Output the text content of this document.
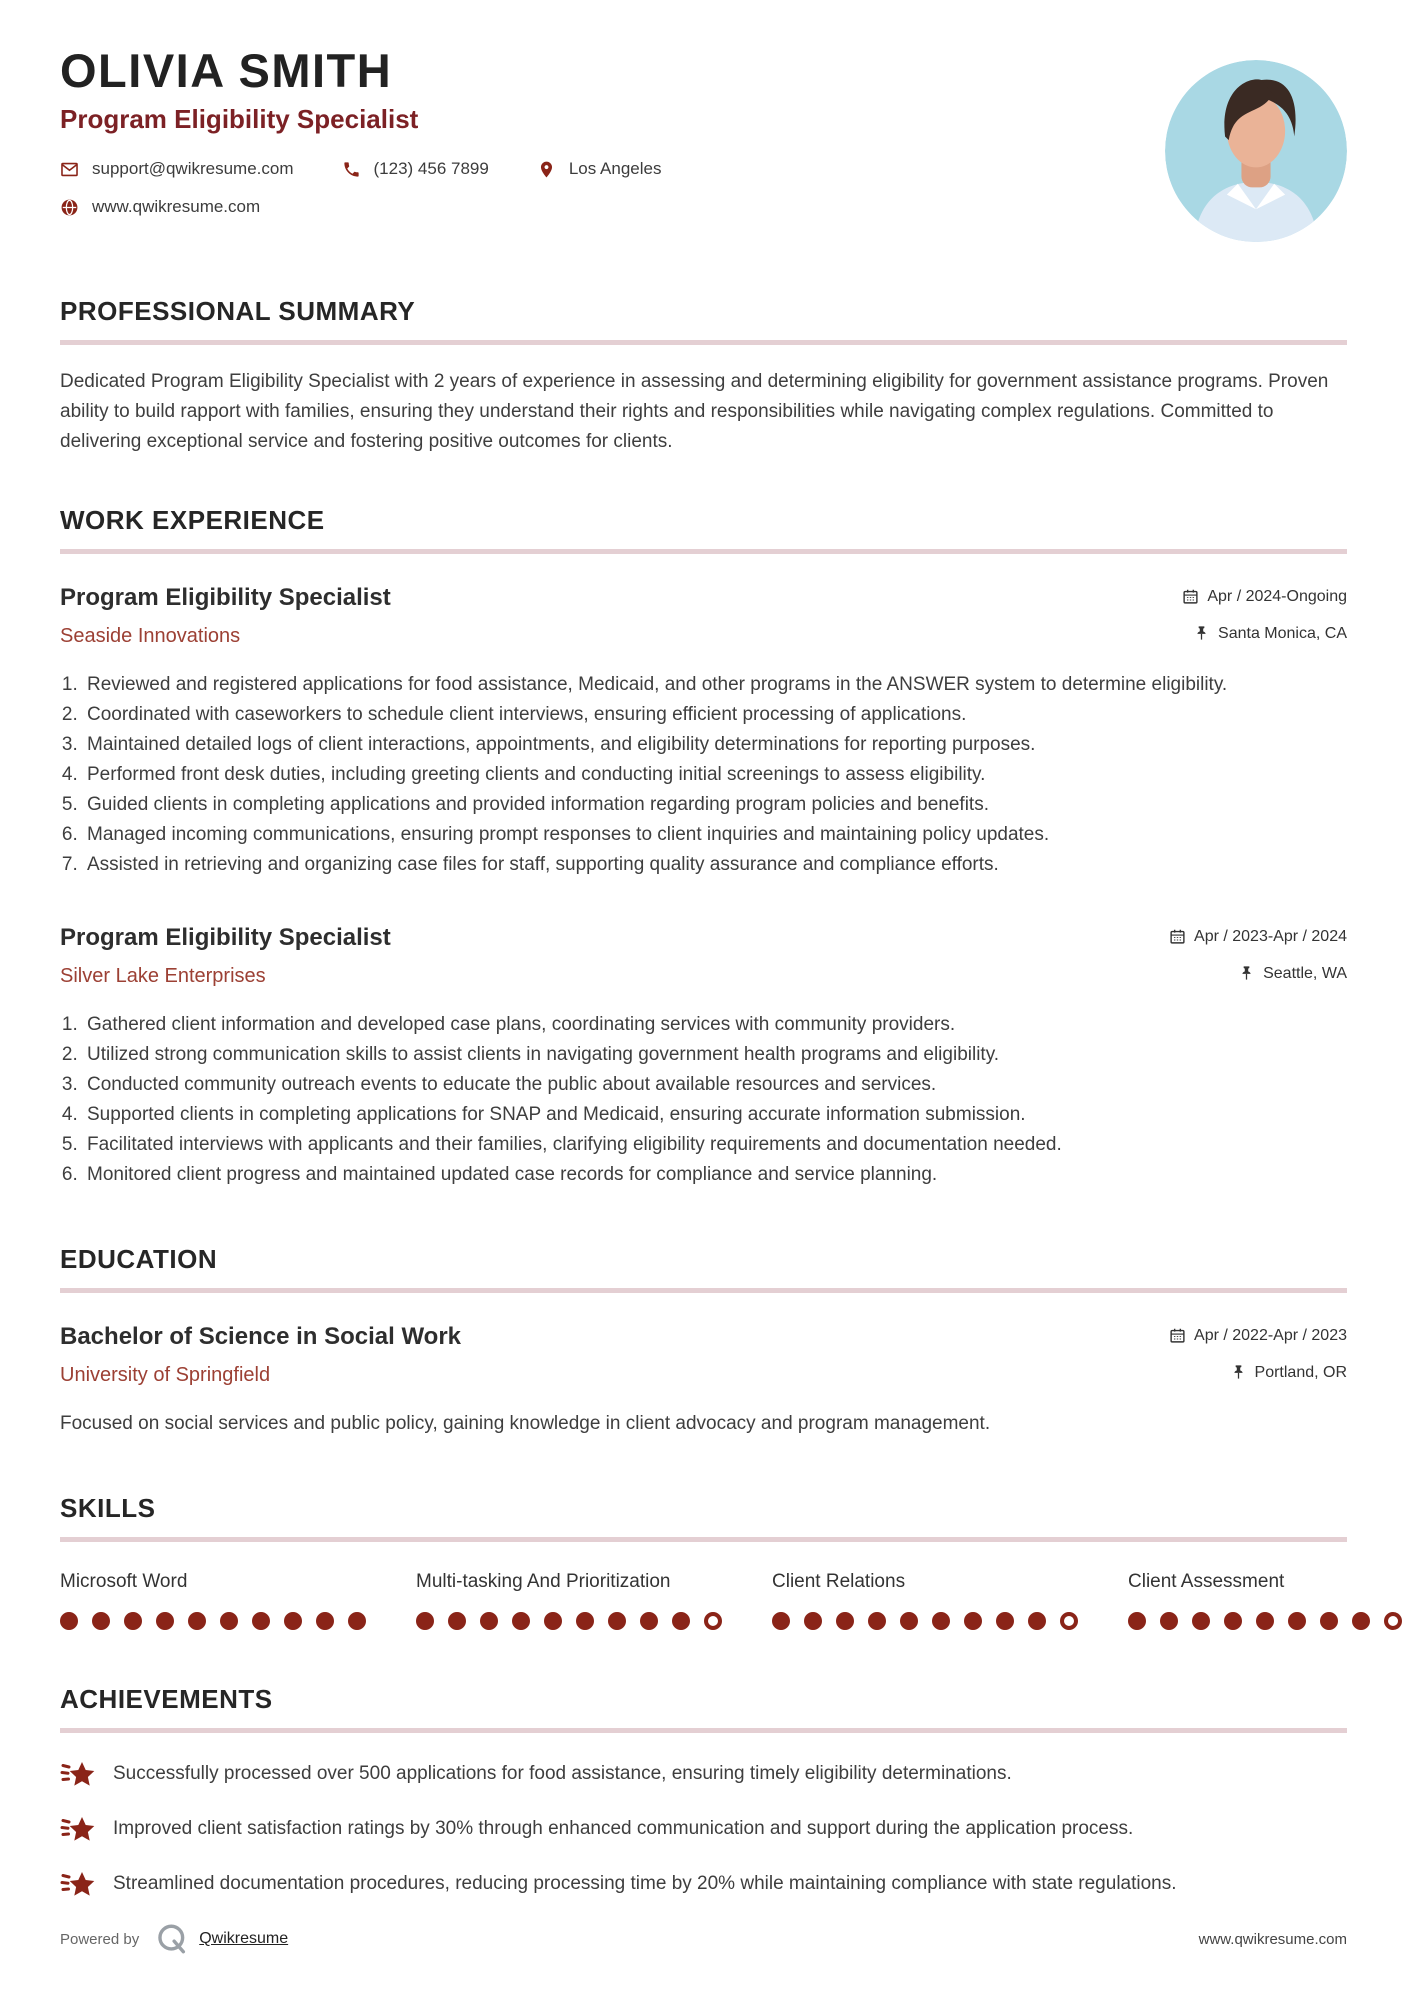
OLIVIA SMITH
Program Eligibility Specialist
support@qwikresume.com	(123) 456 7899	Los Angeles
www.qwikresume.com
PROFESSIONAL SUMMARY

Dedicated Program Eligibility Specialist with 2 years of experience in assessing and determining eligibility for government assistance programs. Proven ability to build rapport with families, ensuring they understand their rights and responsibilities while navigating complex regulations. Committed to delivering exceptional service and fostering positive outcomes for clients.

WORK EXPERIENCE
Program Eligibility Specialist	Apr / 2024-Ongoing
Seaside Innovations	Santa Monica, CA
1. Reviewed and registered applications for food assistance, Medicaid, and other programs in the ANSWER system to determine eligibility.
2. Coordinated with caseworkers to schedule client interviews, ensuring efficient processing of applications.
3. Maintained detailed logs of client interactions, appointments, and eligibility determinations for reporting purposes.
4. Performed front desk duties, including greeting clients and conducting initial screenings to assess eligibility.
5. Guided clients in completing applications and provided information regarding program policies and benefits.
6. Managed incoming communications, ensuring prompt responses to client inquiries and maintaining policy updates.
7. Assisted in retrieving and organizing case files for staff, supporting quality assurance and compliance efforts.
Program Eligibility Specialist	Apr / 2023-Apr / 2024
Silver Lake Enterprises	Seattle, WA
1. Gathered client information and developed case plans, coordinating services with community providers.
2. Utilized strong communication skills to assist clients in navigating government health programs and eligibility.
3. Conducted community outreach events to educate the public about available resources and services.
4. Supported clients in completing applications for SNAP and Medicaid, ensuring accurate information submission.
5. Facilitated interviews with applicants and their families, clarifying eligibility requirements and documentation needed.
6. Monitored client progress and maintained updated case records for compliance and service planning.
EDUCATION
Bachelor of Science in Social Work	Apr / 2022-Apr / 2023
University of Springfield	Portland, OR

Focused on social services and public policy, gaining knowledge in client advocacy and program management.

SKILLS
Microsoft Word	Multi-tasking And Prioritization	Client Relations	Client Assessment
ACHIEVEMENTS
Successfully processed over 500 applications for food assistance, ensuring timely eligibility determinations.
Improved client satisfaction ratings by 30% through enhanced communication and support during the application process.
Streamlined documentation procedures, reducing processing time by 20% while maintaining compliance with state regulations.
Powered by	Qwikresume	www.qwikresume.com
